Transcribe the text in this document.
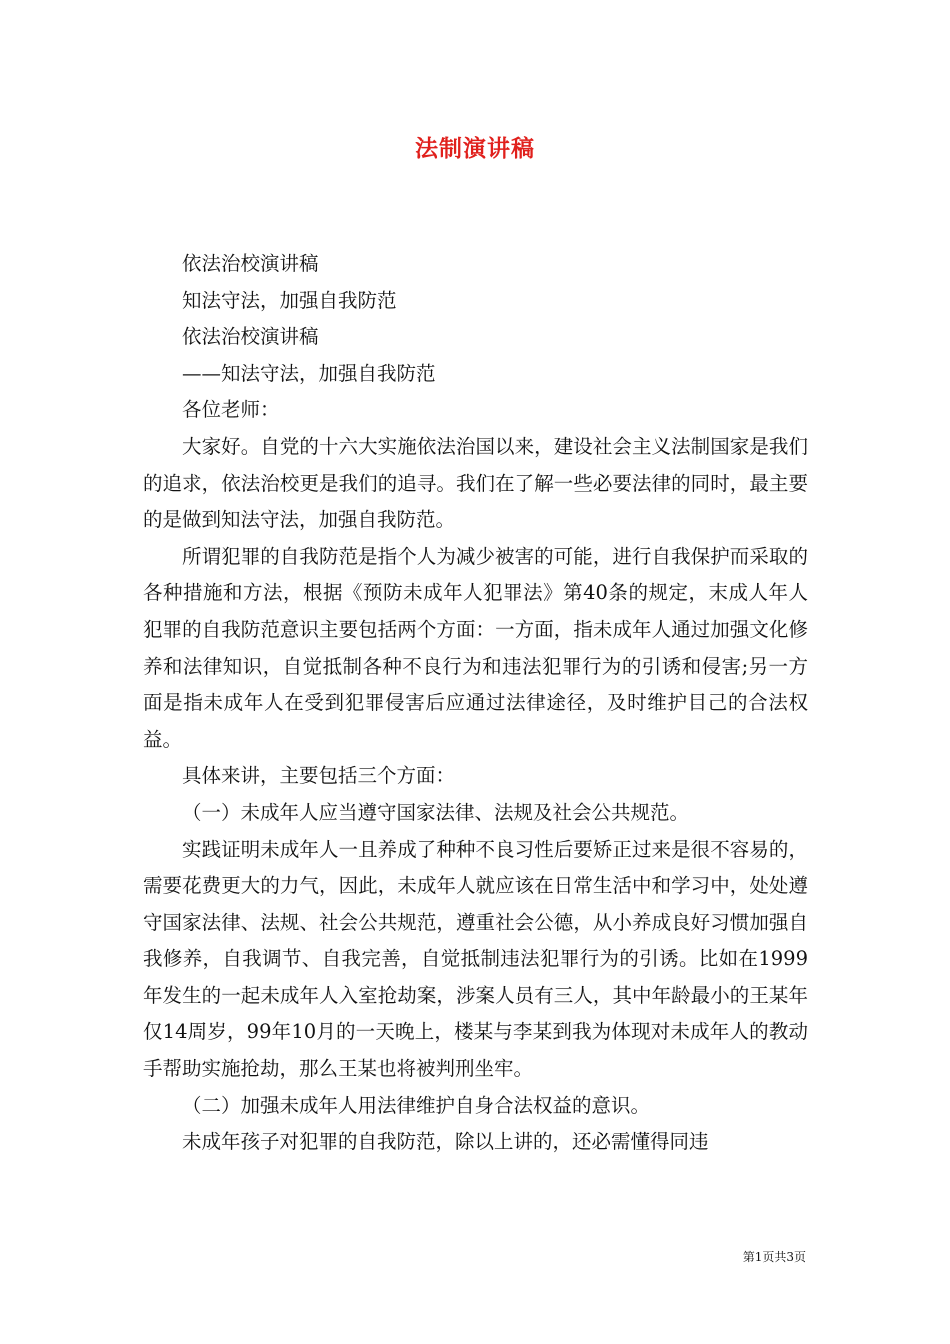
法制演讲稿

依法治校演讲稿

知法守法，加强自我防范

依法治校演讲稿

——知法守法，加强自我防范

各位老师：

大家好。自党的十六大实施依法治国以来，建设社会主义法制国家是我们的追求，依法治校更是我们的追寻。我们在了解一些必要法律的同时，最主要的是做到知法守法，加强自我防范。

所谓犯罪的自我防范是指个人为减少被害的可能，进行自我保护而采取的各种措施和方法，根据《预防未成年人犯罪法》第40条的规定，末成人年人犯罪的自我防范意识主要包括两个方面：一方面，指未成年人通过加强文化修养和法律知识，自觉抵制各种不良行为和违法犯罪行为的引诱和侵害;另一方面是指未成年人在受到犯罪侵害后应通过法律途径，及时维护目己的合法权益。

具体来讲，主要包括三个方面：

（一）未成年人应当遵守国家法律、法规及社会公共规范。

实践证明未成年人一且养成了种种不良习性后要矫正过来是很不容易的，需要花费更大的力气，因此，未成年人就应该在日常生活中和学习中，处处遵守国家法律、法规、社会公共规范，遵重社会公德，从小养成良好习惯加强自我修养，自我调节、自我完善，自觉抵制违法犯罪行为的引诱。比如在1999年发生的一起未成年人入室抢劫案，涉案人员有三人，其中年龄最小的王某年仅14周岁，99年10月的一天晚上，楼某与李某到我为体现对未成年人的教动手帮助实施抢劫，那么王某也将被判刑坐牢。

（二）加强未成年人用法律维护自身合法权益的意识。

未成年孩子对犯罪的自我防范，除以上讲的，还必需懂得同违

第1页共3页
